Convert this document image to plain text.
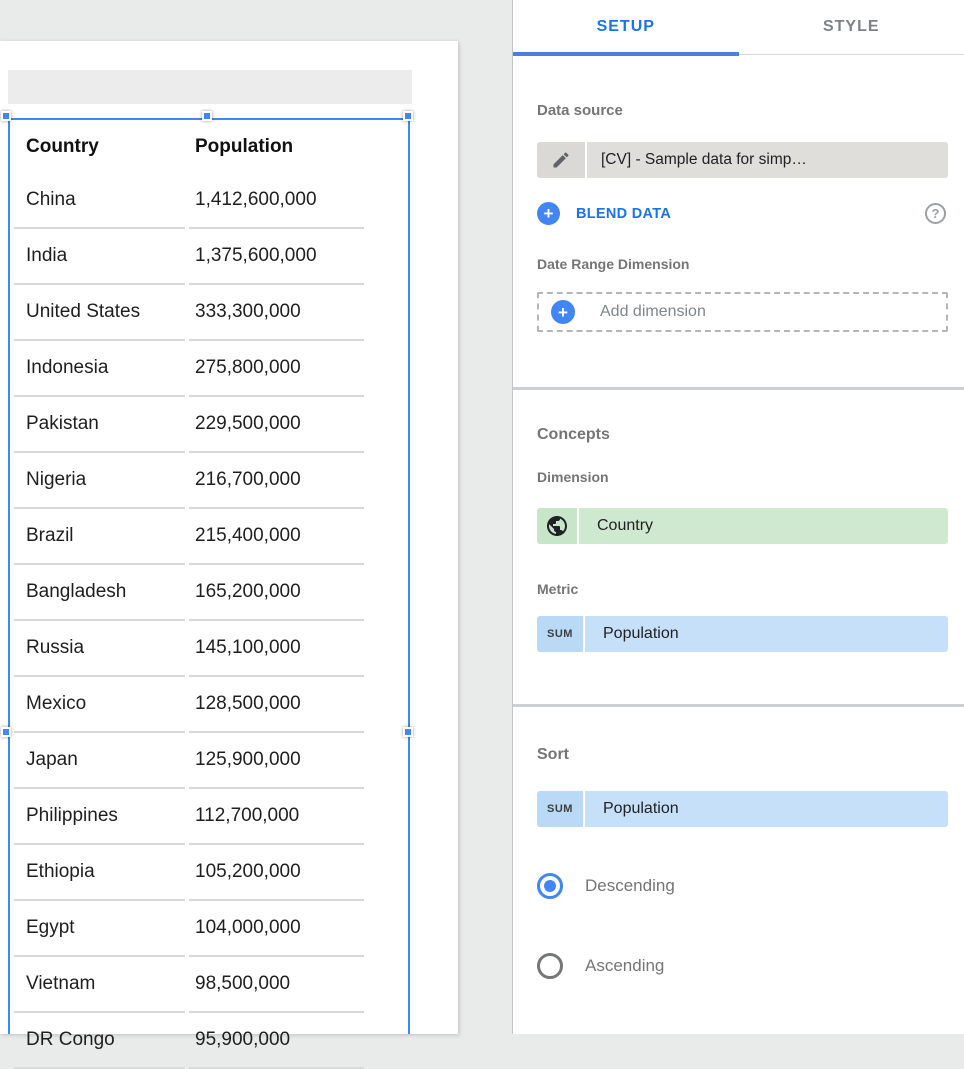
Country	Population
China	1,412,600,000
India	1,375,600,000
United States	333,300,000
Indonesia	275,800,000
Pakistan	229,500,000
Nigeria	216,700,000
Brazil	215,400,000
Bangladesh	165,200,000
Russia	145,100,000
Mexico	128,500,000
Japan	125,900,000
Philippines	112,700,000
Ethiopia	105,200,000
Egypt	104,000,000
Vietnam	98,500,000
DR Congo	95,900,000
SETUP	STYLE
Data source
[CV] - Sample data for simp…
+	BLEND DATA	?
Date Range Dimension
+	Add dimension
Concepts
Dimension
Country
Metric
SUM	Population
Sort
SUM	Population
Descending
Ascending
